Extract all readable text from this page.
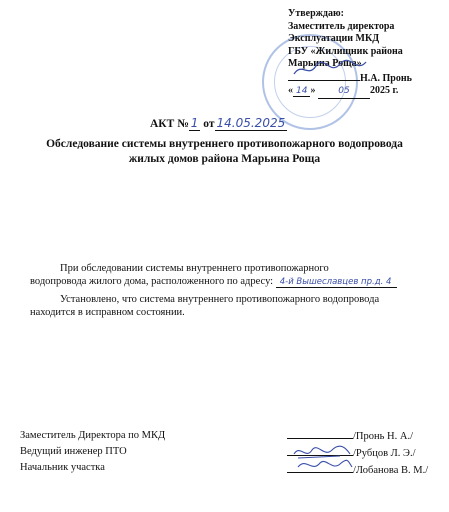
Утверждаю:
Заместитель директора
Эксплуатации МКД
ГБУ «Жилищник района
Марьина Роща»
Н.А. Пронь
« 14 »	05 2025 г.
АКТ № 1 от 14.05.2025
Обследование системы внутреннего противопожарного водопровода
жилых домов района Марьина Роща

При обследовании системы внутреннего противопожарного

водопровода жилого дома, расположенного по адресу: 4-й Вышеславцев пр.д. 4

Установлено, что система внутреннего противопожарного водопровода

находится в исправном состоянии.

Заместитель Директора по МКД
Ведущий инженер ПТО
Начальник участка
/Пронь Н. А./
/Рубцов Л. Э./
/Лобанова В. М./
